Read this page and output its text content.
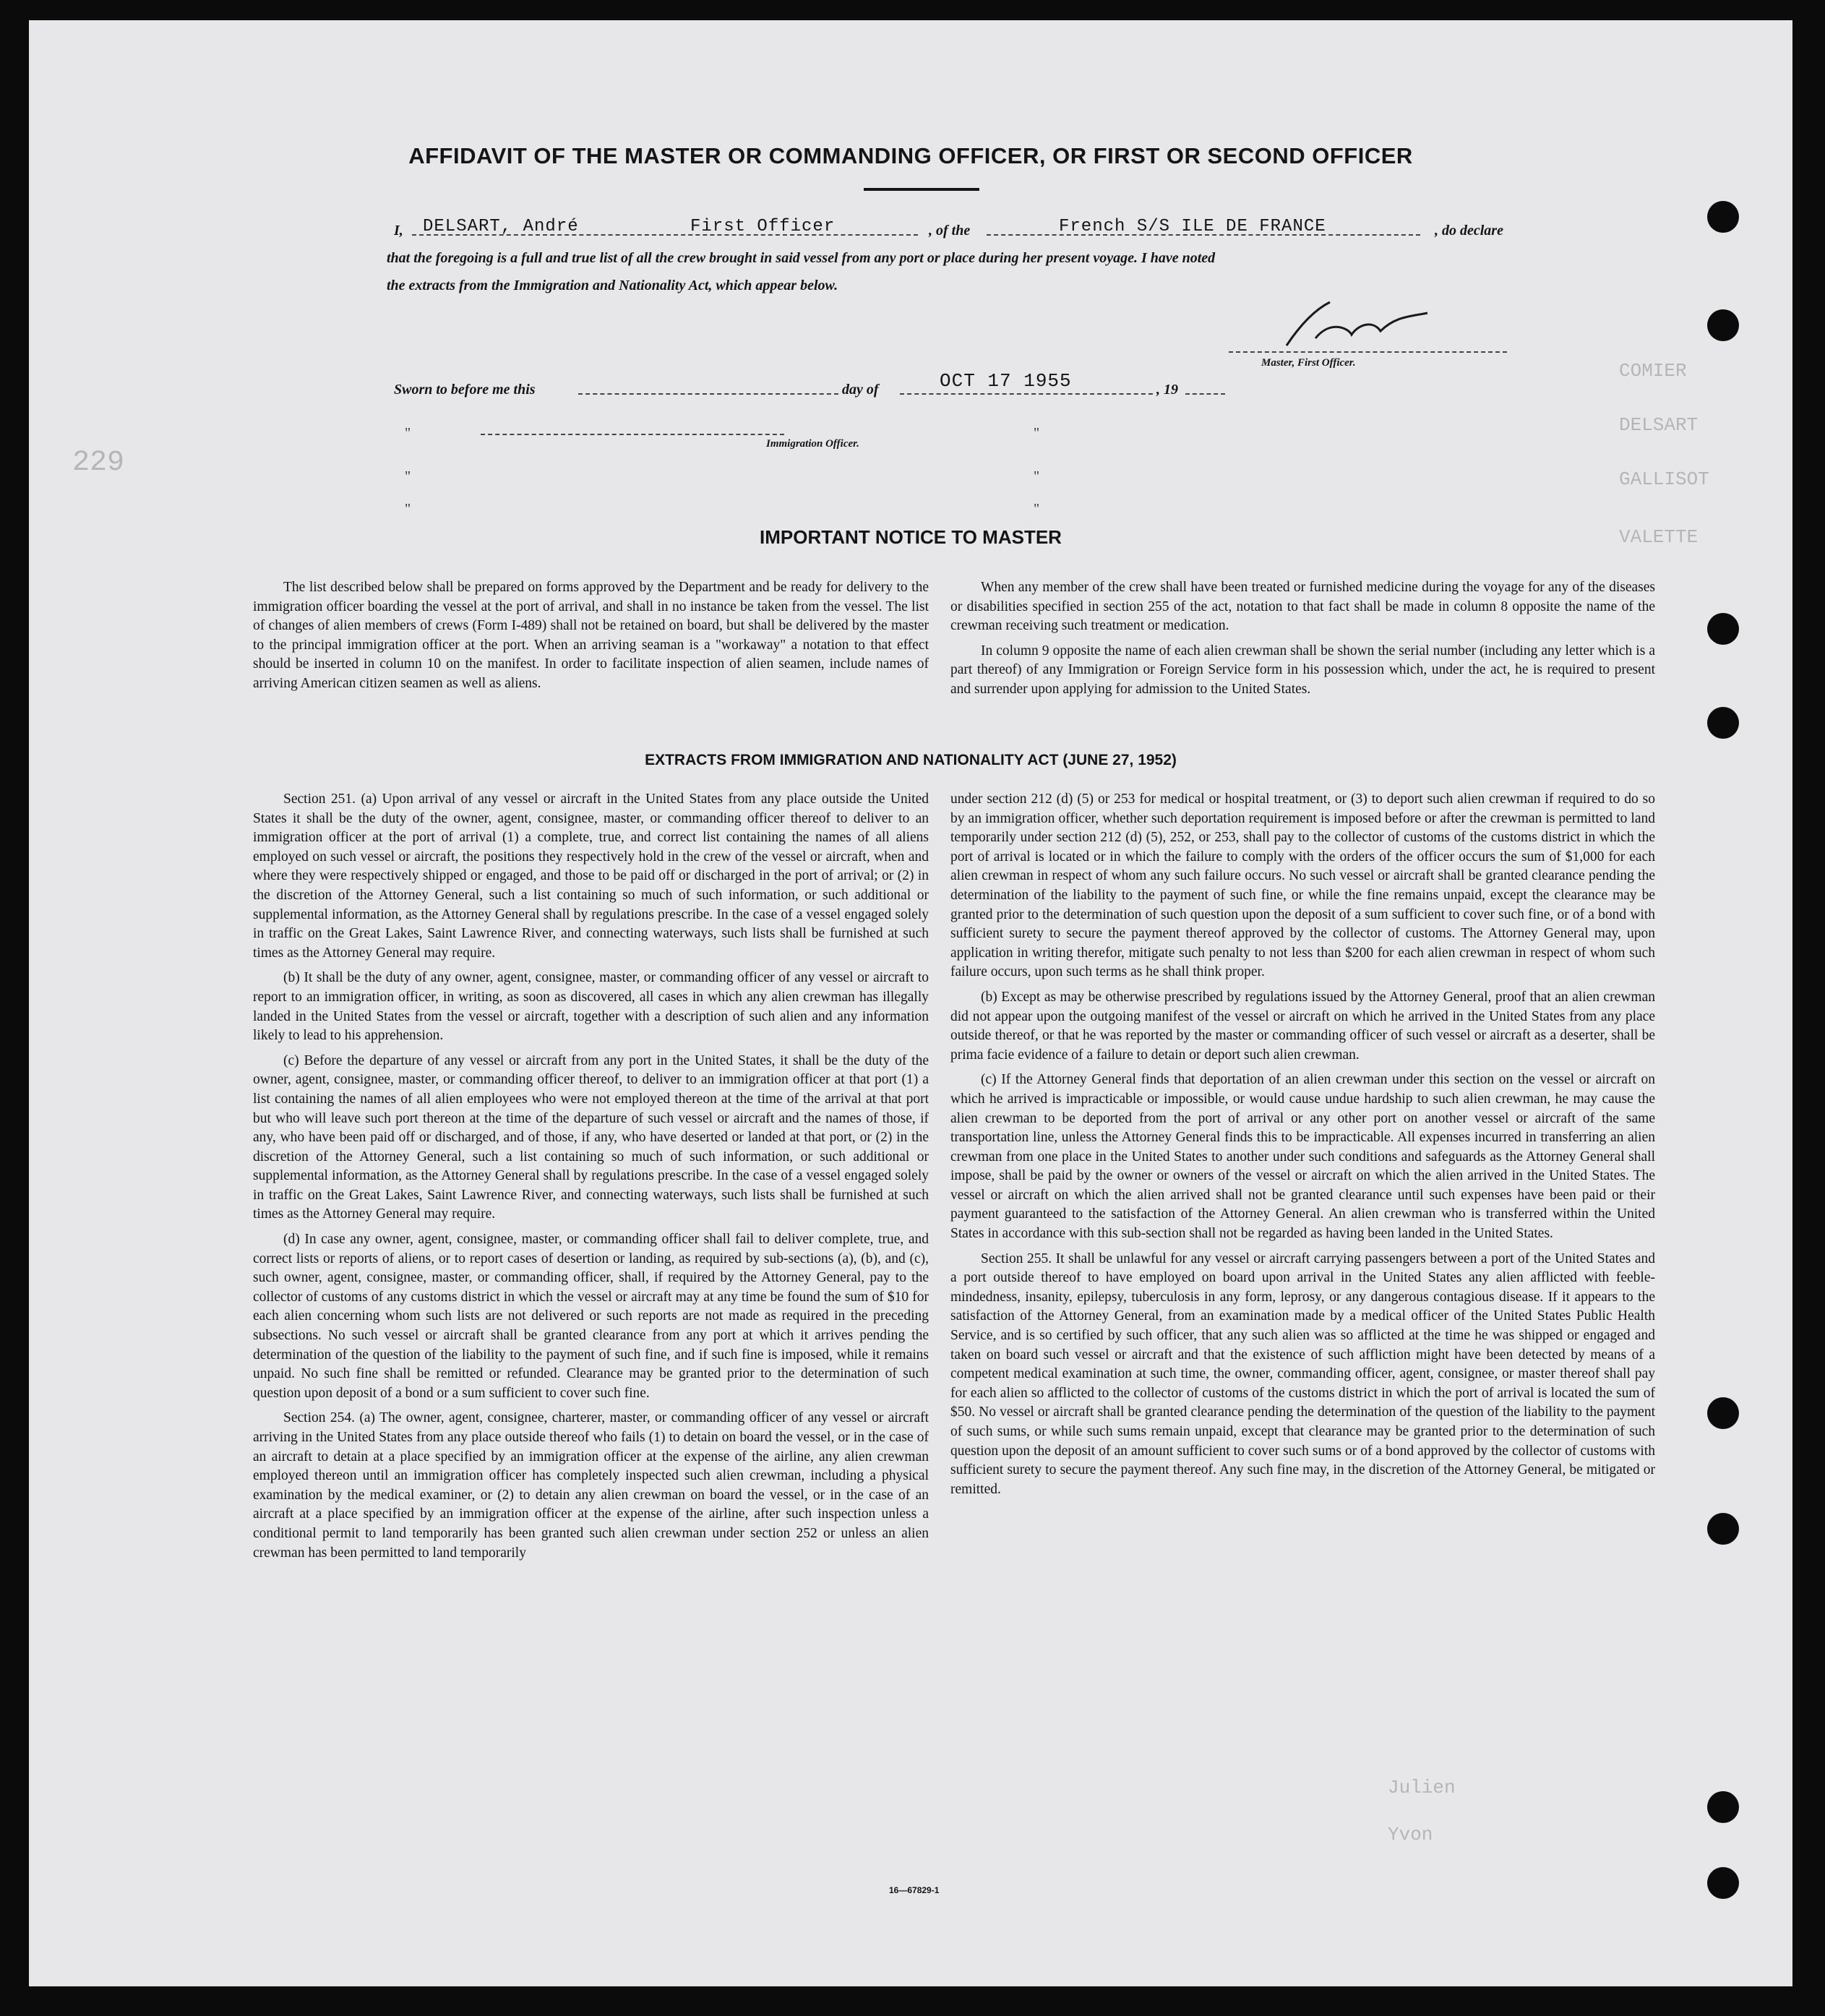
COMIER
DELSART
GALLISOT
VALETTE
229
Julien
Yvon
AFFIDAVIT OF THE MASTER OR COMMANDING OFFICER, OR FIRST OR SECOND OFFICER
I, DELSART, André	First Officer	, of the	French S/S ILE DE FRANCE	, do declare
that the foregoing is a full and true list of all the crew brought in said vessel from any port or place during her present voyage. I have noted
the extracts from the Immigration and Nationality Act, which appear below.
Master, First Officer.
Sworn to before me this	day of	OCT 17 1955	, 19
Immigration Officer.
"
"
"
"
"
"
IMPORTANT NOTICE TO MASTER

The list described below shall be prepared on forms approved by the Department and be ready for delivery to the immigration officer boarding the vessel at the port of arrival, and shall in no instance be taken from the vessel. The list of changes of alien members of crews (Form I-489) shall not be retained on board, but shall be delivered by the master to the principal immigration officer at the port. When an arriving seaman is a "workaway" a notation to that effect should be inserted in column 10 on the manifest. In order to facilitate inspection of alien seamen, include names of arriving American citizen seamen as well as aliens.

When any member of the crew shall have been treated or furnished medicine during the voyage for any of the diseases or disabilities specified in section 255 of the act, notation to that fact shall be made in column 8 opposite the name of the crewman receiving such treatment or medication.

In column 9 opposite the name of each alien crewman shall be shown the serial number (including any letter which is a part thereof) of any Immigration or Foreign Service form in his possession which, under the act, he is required to present and surrender upon applying for admission to the United States.

EXTRACTS FROM IMMIGRATION AND NATIONALITY ACT (JUNE 27, 1952)

Section 251. (a) Upon arrival of any vessel or aircraft in the United States from any place outside the United States it shall be the duty of the owner, agent, consignee, master, or commanding officer thereof to deliver to an immigration officer at the port of arrival (1) a complete, true, and correct list containing the names of all aliens employed on such vessel or aircraft, the positions they respectively hold in the crew of the vessel or aircraft, when and where they were respectively shipped or engaged, and those to be paid off or discharged in the port of arrival; or (2) in the discretion of the Attorney General, such a list containing so much of such information, or such additional or supplemental information, as the Attorney General shall by regulations prescribe. In the case of a vessel engaged solely in traffic on the Great Lakes, Saint Lawrence River, and connecting waterways, such lists shall be furnished at such times as the Attorney General may require.

(b) It shall be the duty of any owner, agent, consignee, master, or commanding officer of any vessel or aircraft to report to an immigration officer, in writing, as soon as discovered, all cases in which any alien crewman has illegally landed in the United States from the vessel or aircraft, together with a description of such alien and any information likely to lead to his apprehension.

(c) Before the departure of any vessel or aircraft from any port in the United States, it shall be the duty of the owner, agent, consignee, master, or commanding officer thereof, to deliver to an immigration officer at that port (1) a list containing the names of all alien employees who were not employed thereon at the time of the arrival at that port but who will leave such port thereon at the time of the departure of such vessel or aircraft and the names of those, if any, who have been paid off or discharged, and of those, if any, who have deserted or landed at that port, or (2) in the discretion of the Attorney General, such a list containing so much of such information, or such additional or supplemental information, as the Attorney General shall by regulations prescribe. In the case of a vessel engaged solely in traffic on the Great Lakes, Saint Lawrence River, and connecting waterways, such lists shall be furnished at such times as the Attorney General may require.

(d) In case any owner, agent, consignee, master, or commanding officer shall fail to deliver complete, true, and correct lists or reports of aliens, or to report cases of desertion or landing, as required by sub-sections (a), (b), and (c), such owner, agent, consignee, master, or commanding officer, shall, if required by the Attorney General, pay to the collector of customs of any customs district in which the vessel or aircraft may at any time be found the sum of $10 for each alien concerning whom such lists are not delivered or such reports are not made as required in the preceding subsections. No such vessel or aircraft shall be granted clearance from any port at which it arrives pending the determination of the question of the liability to the payment of such fine, and if such fine is imposed, while it remains unpaid. No such fine shall be remitted or refunded. Clearance may be granted prior to the determination of such question upon deposit of a bond or a sum sufficient to cover such fine.

Section 254. (a) The owner, agent, consignee, charterer, master, or commanding officer of any vessel or aircraft arriving in the United States from any place outside thereof who fails (1) to detain on board the vessel, or in the case of an aircraft to detain at a place specified by an immigration officer at the expense of the airline, any alien crewman employed thereon until an immigration officer has completely inspected such alien crewman, including a physical examination by the medical examiner, or (2) to detain any alien crewman on board the vessel, or in the case of an aircraft at a place specified by an immigration officer at the expense of the airline, after such inspection unless a conditional permit to land temporarily has been granted such alien crewman under section 252 or unless an alien crewman has been permitted to land temporarily

under section 212 (d) (5) or 253 for medical or hospital treatment, or (3) to deport such alien crewman if required to do so by an immigration officer, whether such deportation requirement is imposed before or after the crewman is permitted to land temporarily under section 212 (d) (5), 252, or 253, shall pay to the collector of customs of the customs district in which the port of arrival is located or in which the failure to comply with the orders of the officer occurs the sum of $1,000 for each alien crewman in respect of whom any such failure occurs. No such vessel or aircraft shall be granted clearance pending the determination of the liability to the payment of such fine, or while the fine remains unpaid, except the clearance may be granted prior to the determination of such question upon the deposit of a sum sufficient to cover such fine, or of a bond with sufficient surety to secure the payment thereof approved by the collector of customs. The Attorney General may, upon application in writing therefor, mitigate such penalty to not less than $200 for each alien crewman in respect of whom such failure occurs, upon such terms as he shall think proper.

(b) Except as may be otherwise prescribed by regulations issued by the Attorney General, proof that an alien crewman did not appear upon the outgoing manifest of the vessel or aircraft on which he arrived in the United States from any place outside thereof, or that he was reported by the master or commanding officer of such vessel or aircraft as a deserter, shall be prima facie evidence of a failure to detain or deport such alien crewman.

(c) If the Attorney General finds that deportation of an alien crewman under this section on the vessel or aircraft on which he arrived is impracticable or impossible, or would cause undue hardship to such alien crewman, he may cause the alien crewman to be deported from the port of arrival or any other port on another vessel or aircraft of the same transportation line, unless the Attorney General finds this to be impracticable. All expenses incurred in transferring an alien crewman from one place in the United States to another under such conditions and safeguards as the Attorney General shall impose, shall be paid by the owner or owners of the vessel or aircraft on which the alien arrived in the United States. The vessel or aircraft on which the alien arrived shall not be granted clearance until such expenses have been paid or their payment guaranteed to the satisfaction of the Attorney General. An alien crewman who is transferred within the United States in accordance with this sub-section shall not be regarded as having been landed in the United States.

Section 255. It shall be unlawful for any vessel or aircraft carrying passengers between a port of the United States and a port outside thereof to have employed on board upon arrival in the United States any alien afflicted with feeble-mindedness, insanity, epilepsy, tuberculosis in any form, leprosy, or any dangerous contagious disease. If it appears to the satisfaction of the Attorney General, from an examination made by a medical officer of the United States Public Health Service, and is so certified by such officer, that any such alien was so afflicted at the time he was shipped or engaged and taken on board such vessel or aircraft and that the existence of such affliction might have been detected by means of a competent medical examination at such time, the owner, commanding officer, agent, consignee, or master thereof shall pay for each alien so afflicted to the collector of customs of the customs district in which the port of arrival is located the sum of $50. No vessel or aircraft shall be granted clearance pending the determination of the question of the liability to the payment of such sums, or while such sums remain unpaid, except that clearance may be granted prior to the determination of such question upon the deposit of an amount sufficient to cover such sums or of a bond approved by the collector of customs with sufficient surety to secure the payment thereof. Any such fine may, in the discretion of the Attorney General, be mitigated or remitted.

16—67829-1
